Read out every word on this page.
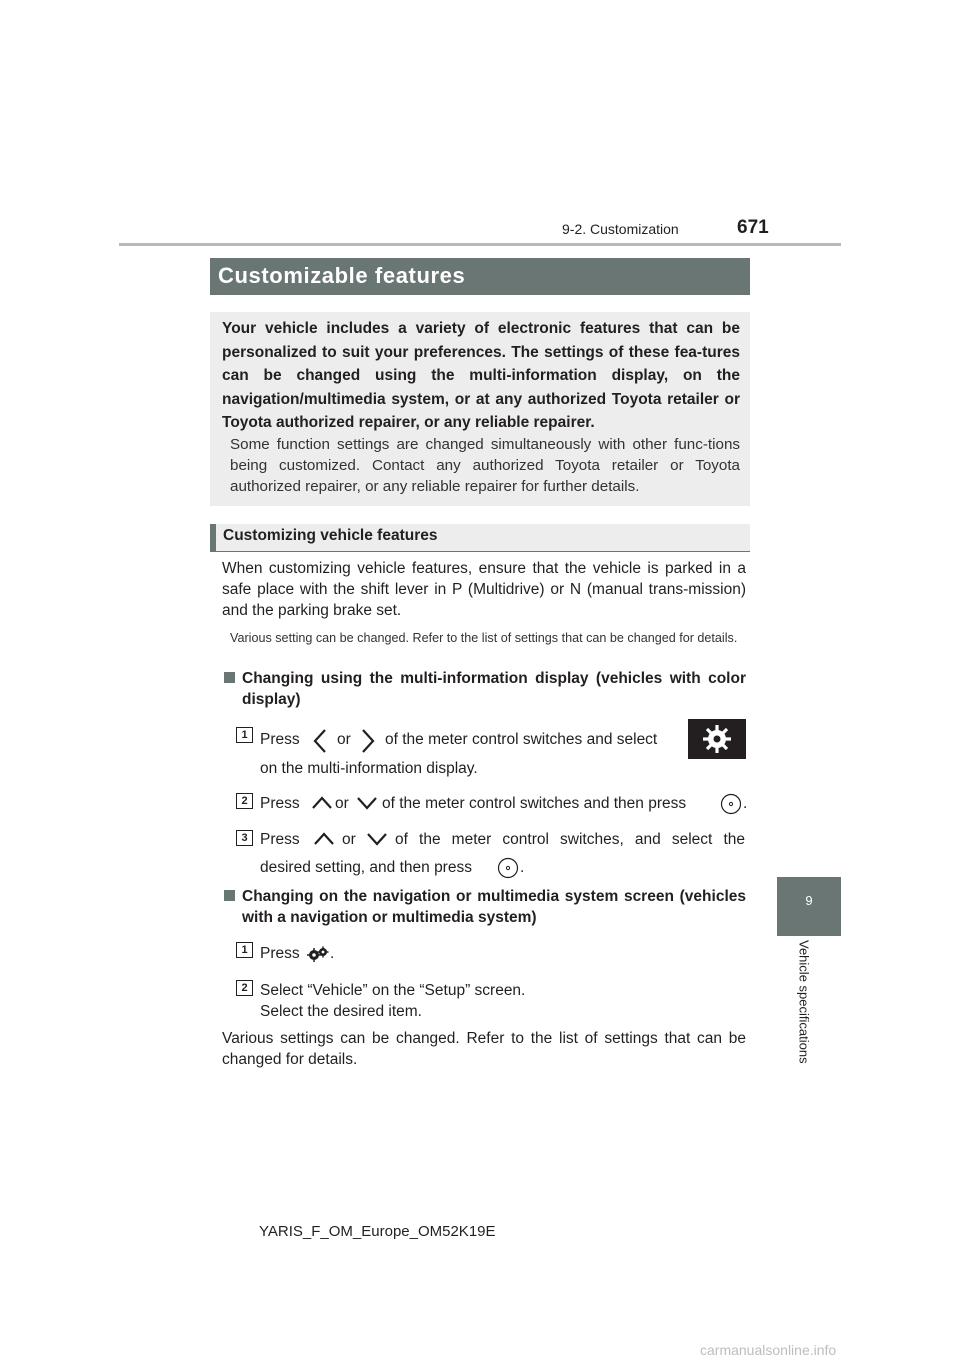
9-2. Customization	671
9
Vehicle specifications
Customizable features
Your vehicle includes a variety of electronic features that can be personalized to suit your preferences. The settings of these fea-tures can be changed using the multi-information display, on the navigation/multimedia system, or at any authorized Toyota retailer or Toyota authorized repairer, or any reliable repairer.
Some function settings are changed simultaneously with other func-tions being customized. Contact any authorized Toyota retailer or Toyota authorized repairer, or any reliable repairer for further details.
Customizing vehicle features
When customizing vehicle features, ensure that the vehicle is parked in a safe place with the shift lever in P (Multidrive) or N (manual trans-mission) and the parking brake set.
Various setting can be changed. Refer to the list of settings that can be changed for details.
Changing using the multi-information display (vehicles with color display)
1 Press or of the meter control switches and select
on the multi-information display.
2 Press or of the meter control switches and then press	.
3 Press	or	of the meter control switches, and select the
desired setting, and then press	.
Changing on the navigation or multimedia system screen (vehicles with a navigation or multimedia system)
1 Press .
2 Select “Vehicle” on the “Setup” screen.
Select the desired item.
Various settings can be changed. Refer to the list of settings that can be changed for details.
YARIS_F_OM_Europe_OM52K19E
carmanualsonline.info
